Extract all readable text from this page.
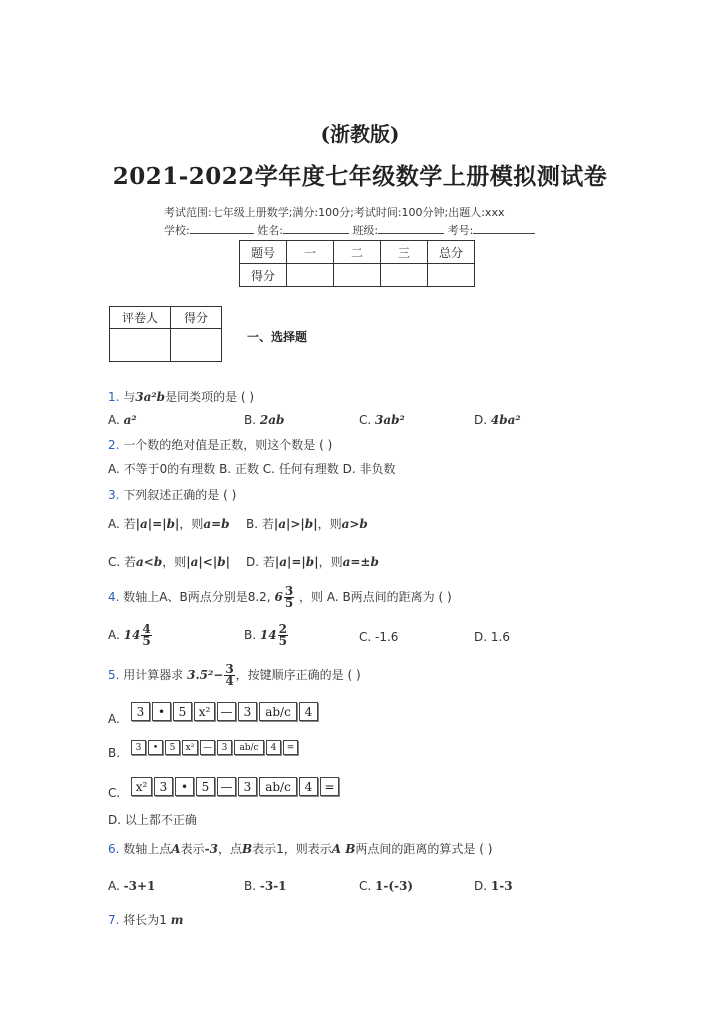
(浙教版)
2021-2022学年度七年级数学上册模拟测试卷
考试范围:七年级上册数学;满分:100分;考试时间:100分钟;出题人:xxx
学校:	姓名:	班级:	考号:
题号	一	二	三	总分
得分				
评卷人	得分

一、选择题
1. 与3a²b是同类项的是 ( )
A. a²	B. 2ab	C. 3ab²	D. 4ba²
2. 一个数的绝对值是正数，则这个数是 ( )
A. 不等于0的有理数 B. 正数 C. 任何有理数 D. 非负数
3. 下列叙述正确的是 ( )
A. 若|a|=|b|，则a=b B. 若|a|>|b|，则a>b
C. 若a<b，则|a|<|b| D. 若|a|=|b|，则a=±b
4. 数轴上A、B两点分别是8.2, $6 \frac{3}{5}$ ，则 A. B两点间的距离为 ( )
A. $14 \frac{4}{5}$	B. $14 \frac{2}{5}$	C. -1.6	D. 1.6
5. 用计算器求 $3.5^2- \frac{3}{4}$ ，按键顺序正确的是 ( )
A.
3	•	5	x² — 3	ab/c	4
B.	3	•	5	x² —	3	ab/c	4	=
C.	x²	3	•	5 — 3	ab/c	4	=
D. 以上都不正确
6. 数轴上点A表示-3，点B表示1，则表示A B两点间的距离的算式是 ( )
A. -3+1	B. -3-1	C. 1-(-3)	D. 1-3
7. 将长为1 m
